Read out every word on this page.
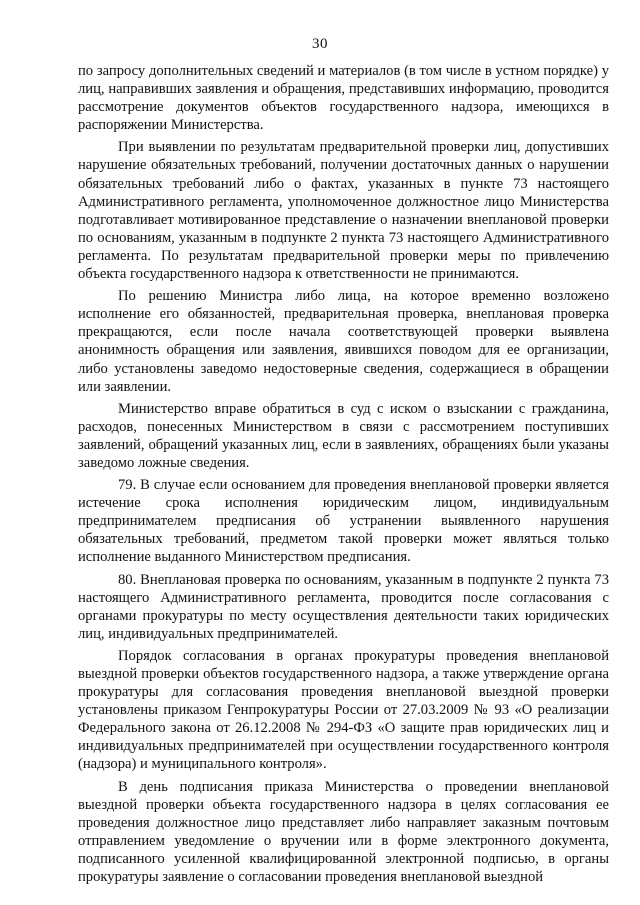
30

по запросу дополнительных сведений и материалов (в том числе в устном порядке) у лиц, направивших заявления и обращения, представивших информацию, проводится рассмотрение документов объектов государственного надзора, имеющихся в распоряжении Министерства.

При выявлении по результатам предварительной проверки лиц, допустивших нарушение обязательных требований, получении достаточных данных о нарушении обязательных требований либо о фактах, указанных в пункте 73 настоящего Административного регламента, уполномоченное должностное лицо Министерства подготавливает мотивированное представление о назначении внеплановой проверки по основаниям, указанным в подпункте 2 пункта 73 настоящего Административного регламента. По результатам предварительной проверки меры по привлечению объекта государственного надзора к ответственности не принимаются.

По решению Министра либо лица, на которое временно возложено исполнение его обязанностей, предварительная проверка, внеплановая проверка прекращаются, если после начала соответствующей проверки выявлена анонимность обращения или заявления, явившихся поводом для ее организации, либо установлены заведомо недостоверные сведения, содержащиеся в обращении или заявлении.

Министерство вправе обратиться в суд с иском о взыскании с гражданина, расходов, понесенных Министерством в связи с рассмотрением поступивших заявлений, обращений указанных лиц, если в заявлениях, обращениях были указаны заведомо ложные сведения.

79. В случае если основанием для проведения внеплановой проверки является истечение срока исполнения юридическим лицом, индивидуальным предпринимателем предписания об устранении выявленного нарушения обязательных требований, предметом такой проверки может являться только исполнение выданного Министерством предписания.

80. Внеплановая проверка по основаниям, указанным в подпункте 2 пункта 73 настоящего Административного регламента, проводится после согласования с органами прокуратуры по месту осуществления деятельности таких юридических лиц, индивидуальных предпринимателей.

Порядок согласования в органах прокуратуры проведения внеплановой выездной проверки объектов государственного надзора, а также утверждение органа прокуратуры для согласования проведения внеплановой выездной проверки установлены приказом Генпрокуратуры России от 27.03.2009 № 93 «О реализации Федерального закона от 26.12.2008 № 294-ФЗ «О защите прав юридических лиц и индивидуальных предпринимателей при осуществлении государственного контроля (надзора) и муниципального контроля».

В день подписания приказа Министерства о проведении внеплановой выездной проверки объекта государственного надзора в целях согласования ее проведения должностное лицо представляет либо направляет заказным почтовым отправлением уведомление о вручении или в форме электронного документа, подписанного усиленной квалифицированной электронной подписью, в органы прокуратуры заявление о согласовании проведения внеплановой выездной
